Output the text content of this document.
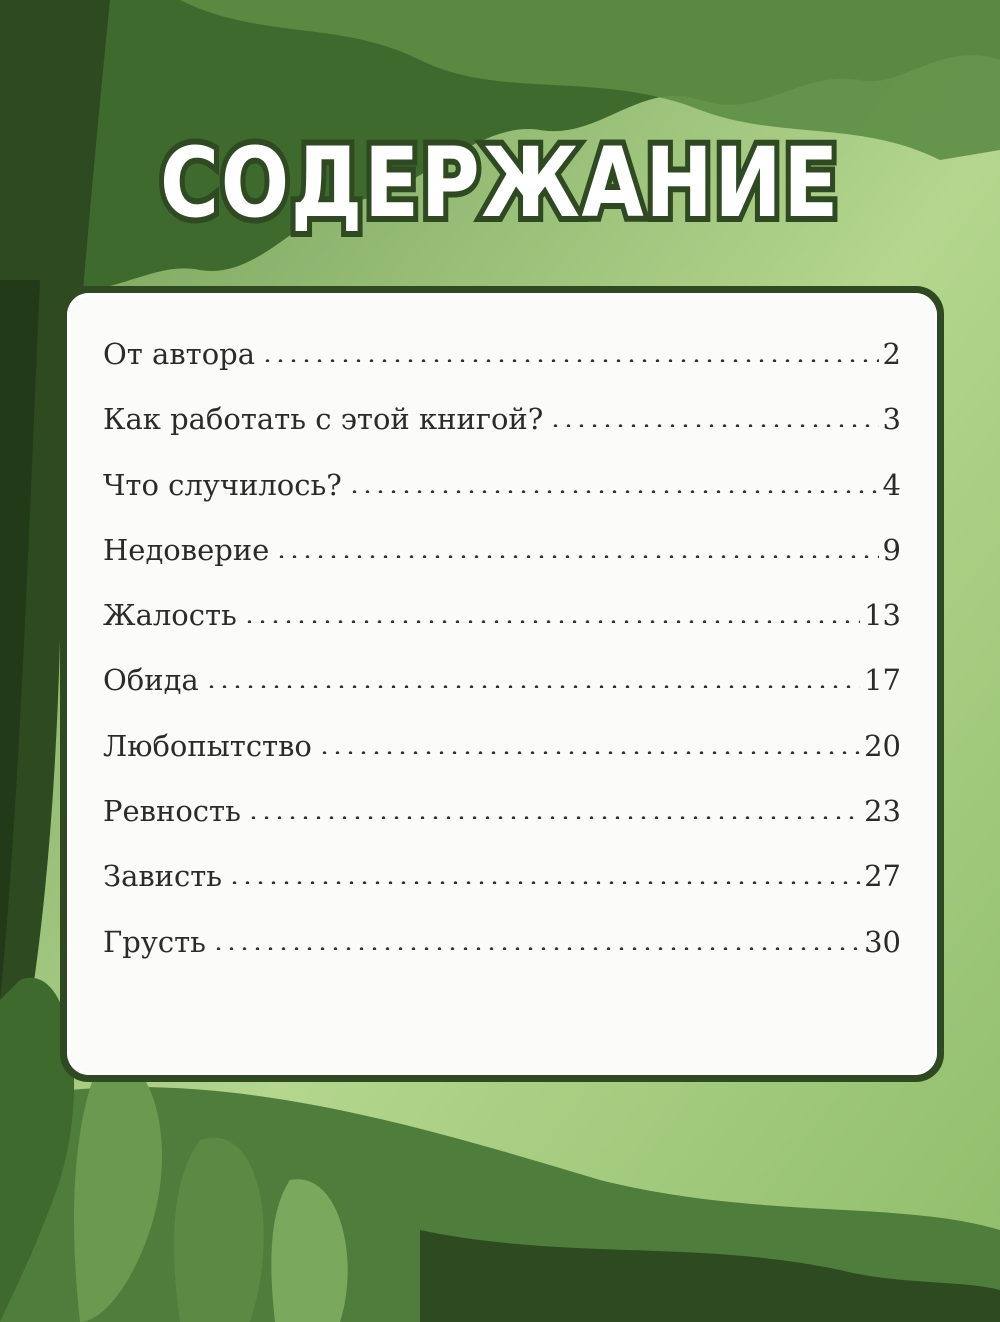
СОДЕРЖАНИЕ
От автора	2
Как работать с этой книгой?	3
Что случилось?	4
Недоверие	9
Жалость	13
Обида	17
Любопытство	20
Ревность	23
Зависть	27
Грусть	30
